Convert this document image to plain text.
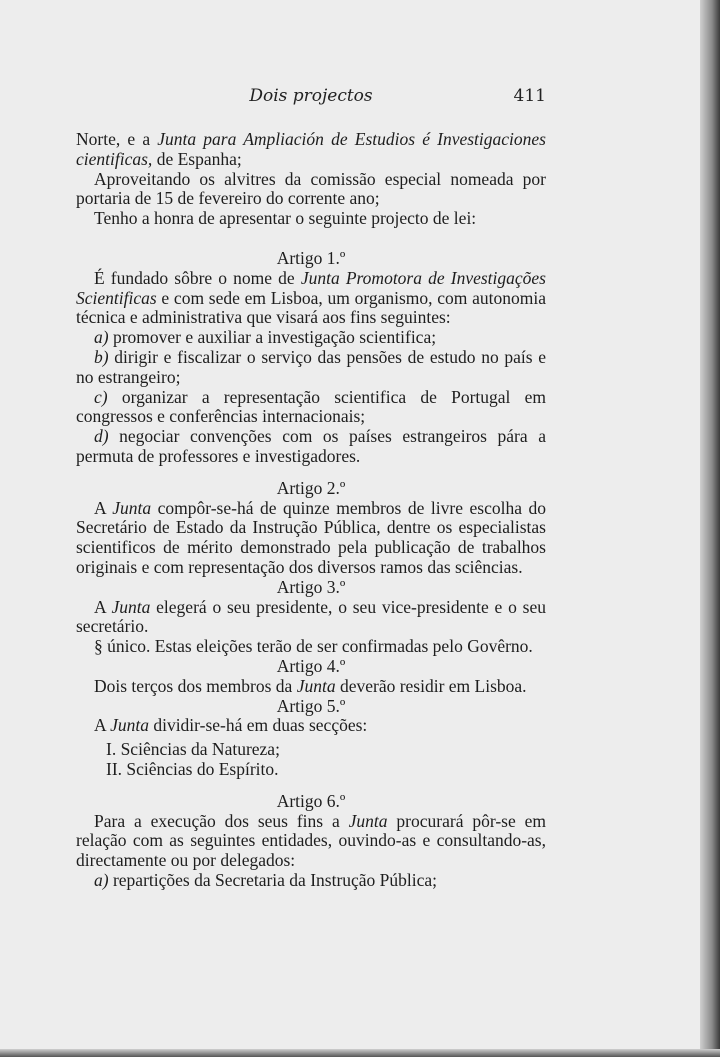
Dois projectos	411

Norte, e a Junta para Ampliación de Estudios é Investigaciones cientificas, de Espanha;

Aproveitando os alvitres da comissão especial nomeada por portaria de 15 de fevereiro do corrente ano;

Tenho a honra de apresentar o seguinte projecto de lei:

Artigo 1.º

É fundado sôbre o nome de Junta Promotora de Investigações Scientificas e com sede em Lisboa, um organismo, com autonomia técnica e administrativa que visará aos fins seguintes:

a) promover e auxiliar a investigação scientifica;

b) dirigir e fiscalizar o serviço das pensões de estudo no país e no estrangeiro;

c) organizar a representação scientifica de Portugal em congressos e conferências internacionais;

d) negociar convenções com os países estrangeiros pára a permuta de professores e investigadores.

Artigo 2.º

A Junta compôr-se-há de quinze membros de livre escolha do Secretário de Estado da Instrução Pública, dentre os especialistas scientificos de mérito demonstrado pela publicação de trabalhos originais e com representação dos diversos ramos das sciências.

Artigo 3.º

A Junta elegerá o seu presidente, o seu vice-presidente e o seu secretário.

§ único. Estas eleições terão de ser confirmadas pelo Govêrno.

Artigo 4.º

Dois terços dos membros da Junta deverão residir em Lisboa.

Artigo 5.º

A Junta dividir-se-há em duas secções:

I. Sciências da Natureza;

II. Sciências do Espírito.

Artigo 6.º

Para a execução dos seus fins a Junta procurará pôr-se em relação com as seguintes entidades, ouvindo-as e consultando-as, directamente ou por delegados:

a) repartições da Secretaria da Instrução Pública;
